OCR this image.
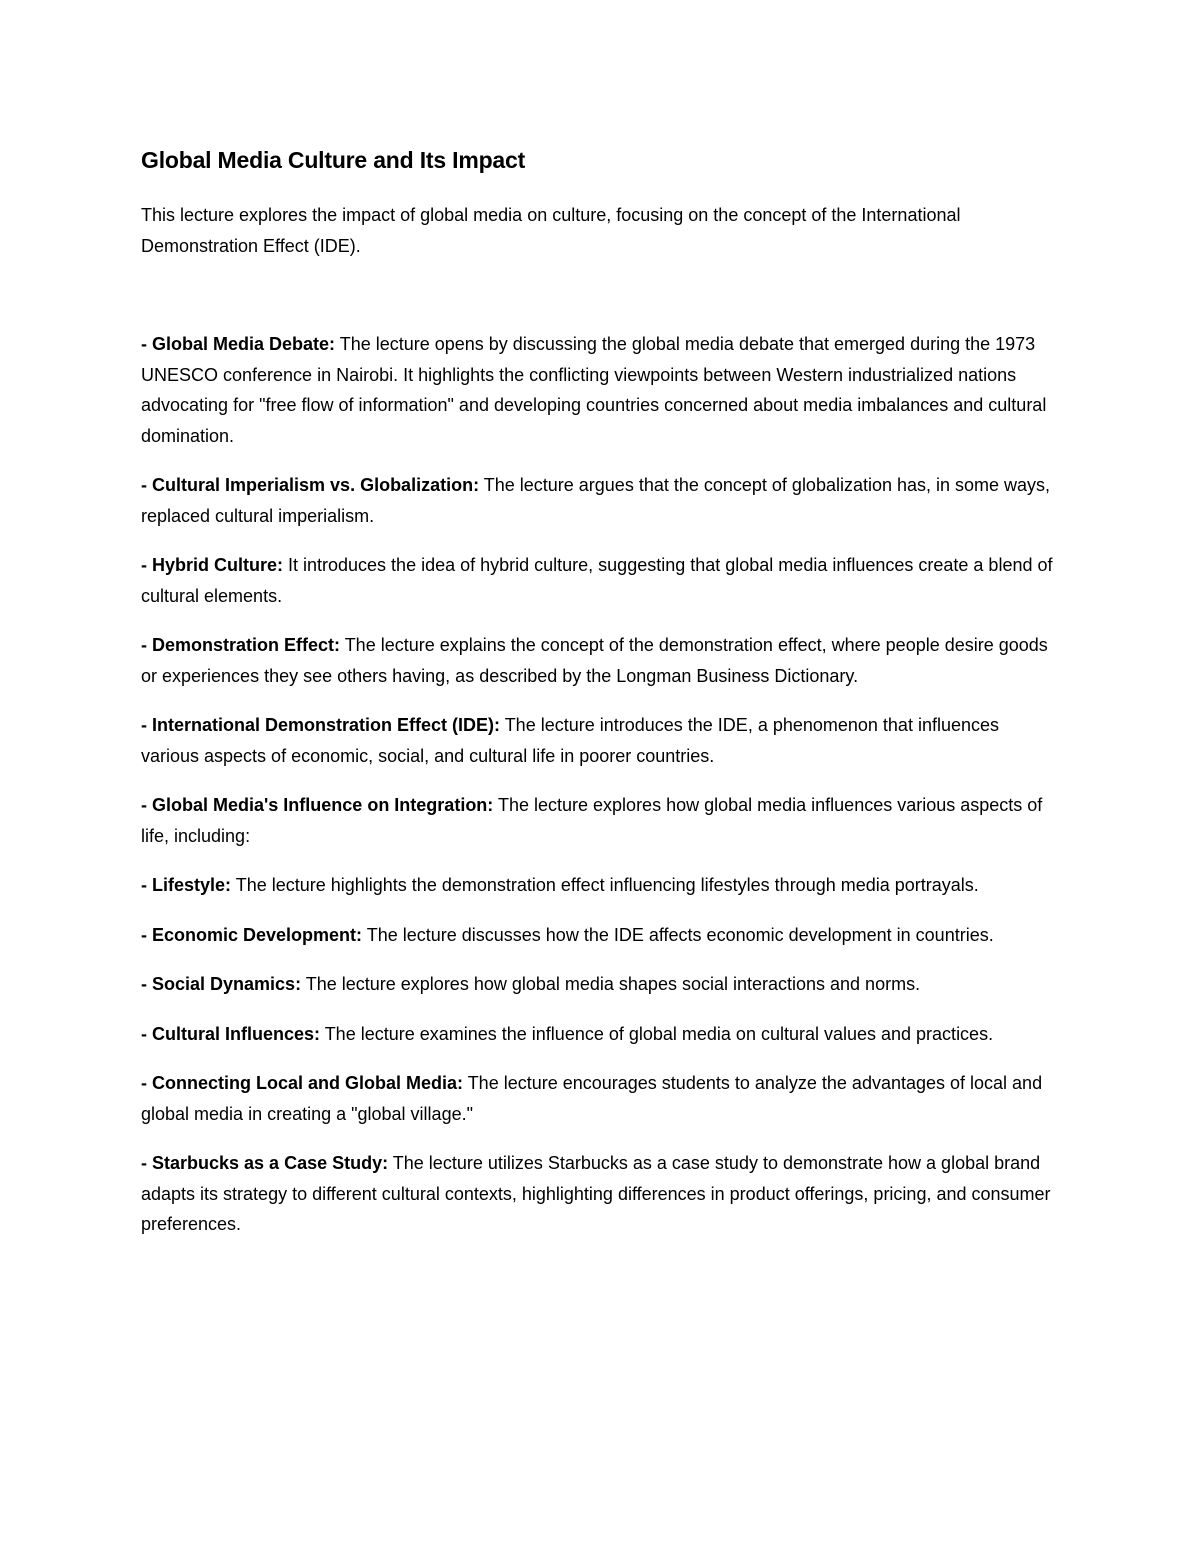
Global Media Culture and Its Impact

This lecture explores the impact of global media on culture, focusing on the concept of the International Demonstration Effect (IDE).

- Global Media Debate: The lecture opens by discussing the global media debate that emerged during the 1973 UNESCO conference in Nairobi. It highlights the conflicting viewpoints between Western industrialized nations advocating for "free flow of information" and developing countries concerned about media imbalances and cultural domination.

- Cultural Imperialism vs. Globalization: The lecture argues that the concept of globalization has, in some ways, replaced cultural imperialism.

- Hybrid Culture: It introduces the idea of hybrid culture, suggesting that global media influences create a blend of cultural elements.

- Demonstration Effect: The lecture explains the concept of the demonstration effect, where people desire goods or experiences they see others having, as described by the Longman Business Dictionary.

- International Demonstration Effect (IDE): The lecture introduces the IDE, a phenomenon that influences various aspects of economic, social, and cultural life in poorer countries.

- Global Media's Influence on Integration: The lecture explores how global media influences various aspects of life, including:

- Lifestyle: The lecture highlights the demonstration effect influencing lifestyles through media portrayals.

- Economic Development: The lecture discusses how the IDE affects economic development in countries.

- Social Dynamics: The lecture explores how global media shapes social interactions and norms.

- Cultural Influences: The lecture examines the influence of global media on cultural values and practices.

- Connecting Local and Global Media: The lecture encourages students to analyze the advantages of local and global media in creating a "global village."

- Starbucks as a Case Study: The lecture utilizes Starbucks as a case study to demonstrate how a global brand adapts its strategy to different cultural contexts, highlighting differences in product offerings, pricing, and consumer preferences.
